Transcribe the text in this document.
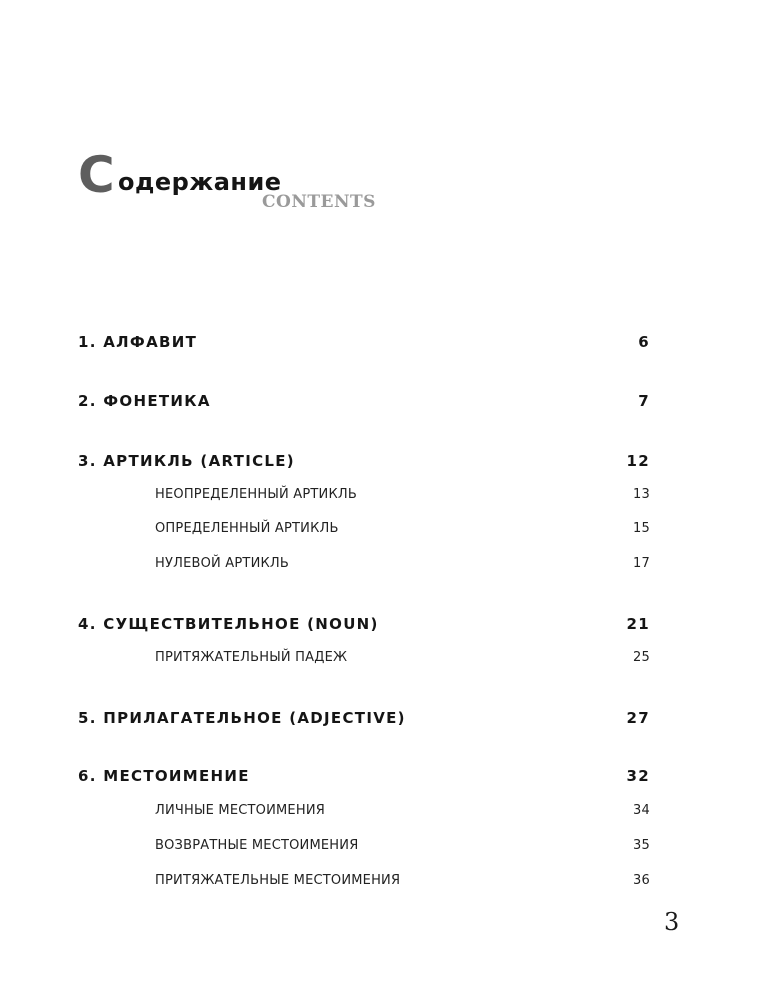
С одержание
CONTENTS
1. АЛФАВИТ	6
2. ФОНЕТИКА	7
3. АРТИКЛЬ (ARTICLE)	12
НЕОПРЕДЕЛЕННЫЙ АРТИКЛЬ	13
ОПРЕДЕЛЕННЫЙ АРТИКЛЬ	15
НУЛЕВОЙ АРТИКЛЬ	17
4. СУЩЕСТВИТЕЛЬНОЕ (NOUN)	21
ПРИТЯЖАТЕЛЬНЫЙ ПАДЕЖ	25
5. ПРИЛАГАТЕЛЬНОЕ (ADJECTIVE)	27
6. МЕСТОИМЕНИЕ	32
ЛИЧНЫЕ МЕСТОИМЕНИЯ	34
ВОЗВРАТНЫЕ МЕСТОИМЕНИЯ	35
ПРИТЯЖАТЕЛЬНЫЕ МЕСТОИМЕНИЯ	36
3
